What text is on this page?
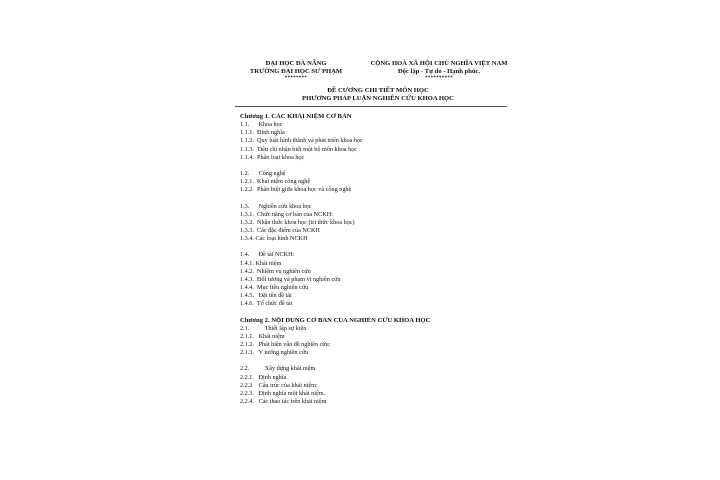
ĐẠI HỌC ĐÀ NẴNG
TRƯỜNG ĐẠI HỌC SƯ PHẠM
********
CỘNG HOÀ XÃ HỘI CHỦ NGHĨA VIỆT NAM
Độc lập - Tự do - Hạnh phúc.
**********
ĐỀ CƯƠNG CHI TIẾT MÔN HỌC
PHƯƠNG PHÁP LUẬN NGHIÊN CỨU KHOA HỌC
Chương 1. CÁC KHÁI NIỆM CƠ BẢN
1.1.      Khoa học
1.1.1.  Định nghĩa
1.1.2.  Quy luật hình thành và phát triển khoa học
1.1.3.  Tiêu chí nhận biết một bộ môn khoa học
1.1.4.  Phân loại khoa học
1.2.      Công nghệ
1.2.1.  Khái niệm công nghệ
1.2.2.  Phân biệt giữa khoa học và công nghệ
1.3.      Nghiên cứu khoa học
1.3.1.  Chức năng cơ bản của NCKH:
1.3.2.  Nhận thức khoa học (tri thức khoa học)
1.3.3.  Các đặc điểm của NCKH
1.3.4. Các loại hình NCKH
1.4.      Đề tài NCKH:
1.4.1. Khái niệm
1.4.2.  Nhiệm vụ nghiên cứu
1.4.3.  Đối tượng và phạm vi nghiên cứu
1.4.4.  Mục tiêu nghiên cứu
1.4.5.   Đặt tên đề tài
1.4.6.  Tổ chức đề tài
Chương 2. NỘI DUNG CƠ BẢN CỦA NGHIÊN CỨU KHOA HỌC
2.1.          Thiết lập sự kiện
2.1.1.   Khái niệm
2.1.2.   Phát hiện vấn đề nghiên cứu:
2.1.3.   Ý tưởng nghiên cứu
2.2.          Xây dựng khái niệm
2.2.1.   Định nghĩa
2.2.2    Cấu trúc của khái niệm:
2.2.3.   Định nghĩa một khái niệm.
2.2.4.   Các thao tác trên khái niệm
